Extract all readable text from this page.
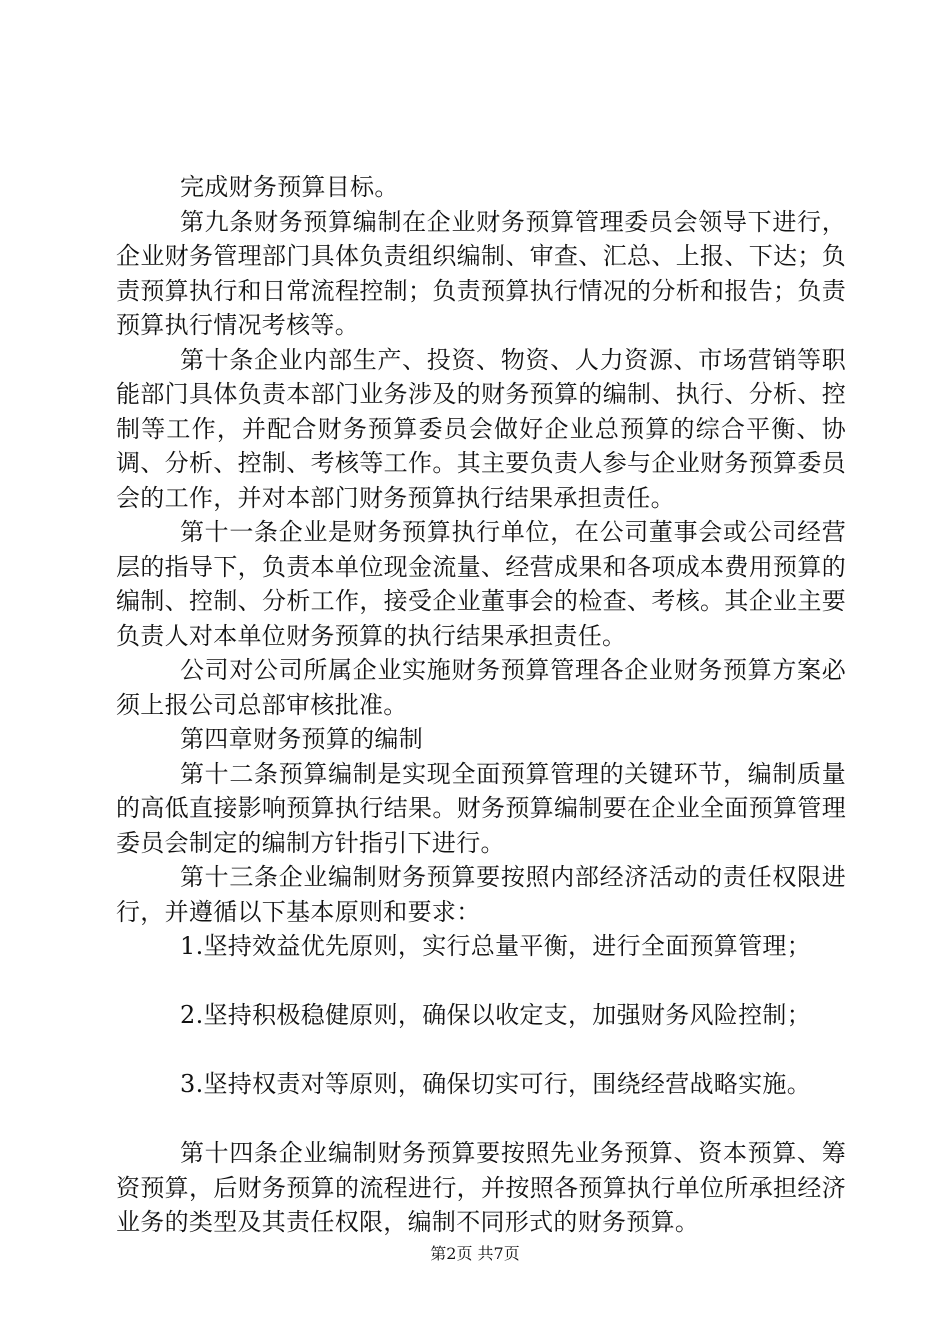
完成财务预算目标。

第九条财务预算编制在企业财务预算管理委员会领导下进行，企业财务管理部门具体负责组织编制、审查、汇总、上报、下达；负责预算执行和日常流程控制；负责预算执行情况的分析和报告；负责预算执行情况考核等。

第十条企业内部生产、投资、物资、人力资源、市场营销等职能部门具体负责本部门业务涉及的财务预算的编制、执行、分析、控制等工作，并配合财务预算委员会做好企业总预算的综合平衡、协调、分析、控制、考核等工作。其主要负责人参与企业财务预算委员会的工作，并对本部门财务预算执行结果承担责任。

第十一条企业是财务预算执行单位，在公司董事会或公司经营层的指导下，负责本单位现金流量、经营成果和各项成本费用预算的编制、控制、分析工作，接受企业董事会的检查、考核。其企业主要负责人对本单位财务预算的执行结果承担责任。

公司对公司所属企业实施财务预算管理各企业财务预算方案必须上报公司总部审核批准。

第四章财务预算的编制

第十二条预算编制是实现全面预算管理的关键环节，编制质量的高低直接影响预算执行结果。财务预算编制要在企业全面预算管理委员会制定的编制方针指引下进行。

第十三条企业编制财务预算要按照内部经济活动的责任权限进行，并遵循以下基本原则和要求：

1.坚持效益优先原则，实行总量平衡，进行全面预算管理；

2.坚持积极稳健原则，确保以收定支，加强财务风险控制；

3.坚持权责对等原则，确保切实可行，围绕经营战略实施。

第十四条企业编制财务预算要按照先业务预算、资本预算、筹资预算，后财务预算的流程进行，并按照各预算执行单位所承担经济业务的类型及其责任权限，编制不同形式的财务预算。

第2页 共7页
